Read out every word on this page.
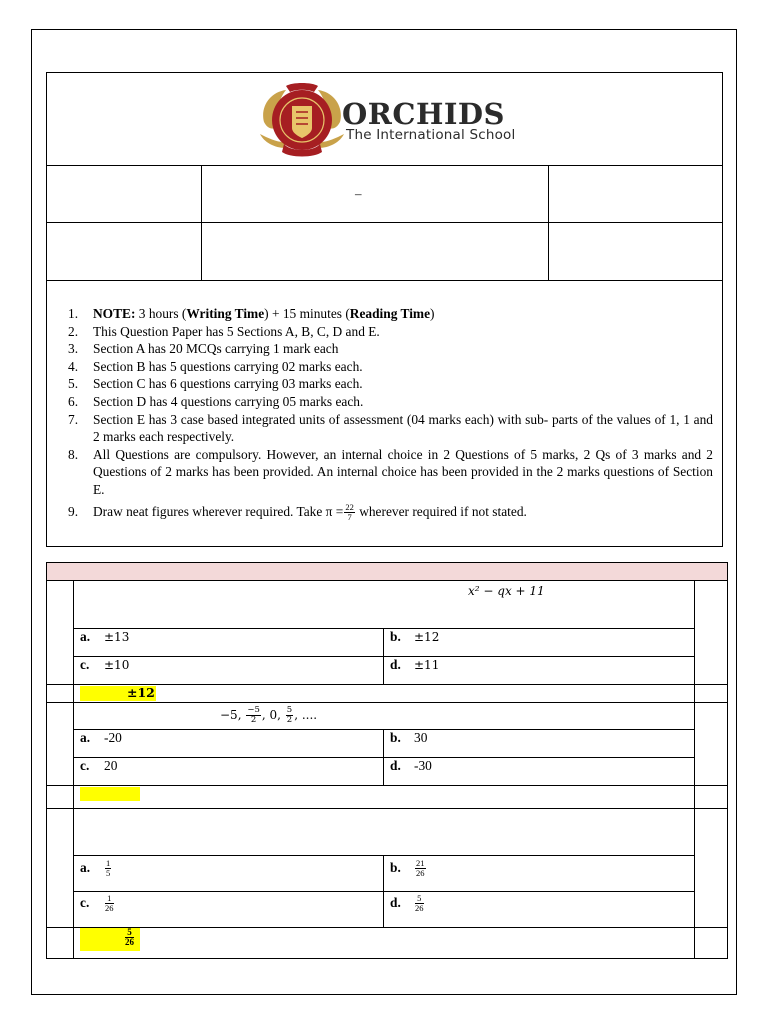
ORCHIDS
The International School
–
1.	NOTE: 3 hours (Writing Time) + 15 minutes (Reading Time)
2.	This Question Paper has 5 Sections A, B, C, D and E.
3.	Section A has 20 MCQs carrying 1 mark each
4.	Section B has 5 questions carrying 02 marks each.
5.	Section C has 6 questions carrying 03 marks each.
6.	Section D has 4 questions carrying 05 marks each.
7.	Section E has 3 case based integrated units of assessment (04 marks each) with sub- parts of the values of 1, 1 and 2 marks each respectively.
8.	All Questions are compulsory. However, an internal choice in 2 Questions of 5 marks, 2 Qs of 3 marks and 2 Questions of 2 marks has been provided. An internal choice has been provided in the 2 marks questions of Section E.
9.	Draw neat figures wherever required. Take $\pi = \frac{22}{7}$ wherever required if not stated.
x² − qx + 11
a. ±13	b. ±12
c. ±10	d. ±11
±12
−5, $\frac{-5}{2}$ , 0, $\frac{5}{2}$ , ....
a. -20	b. 30
c. 20	d. -30
a. $\frac{1}{5}$	b. $\frac{21}{26}$
c. $\frac{1}{26}$	d. $\frac{5}{26}$
$\frac{5}{26}$
